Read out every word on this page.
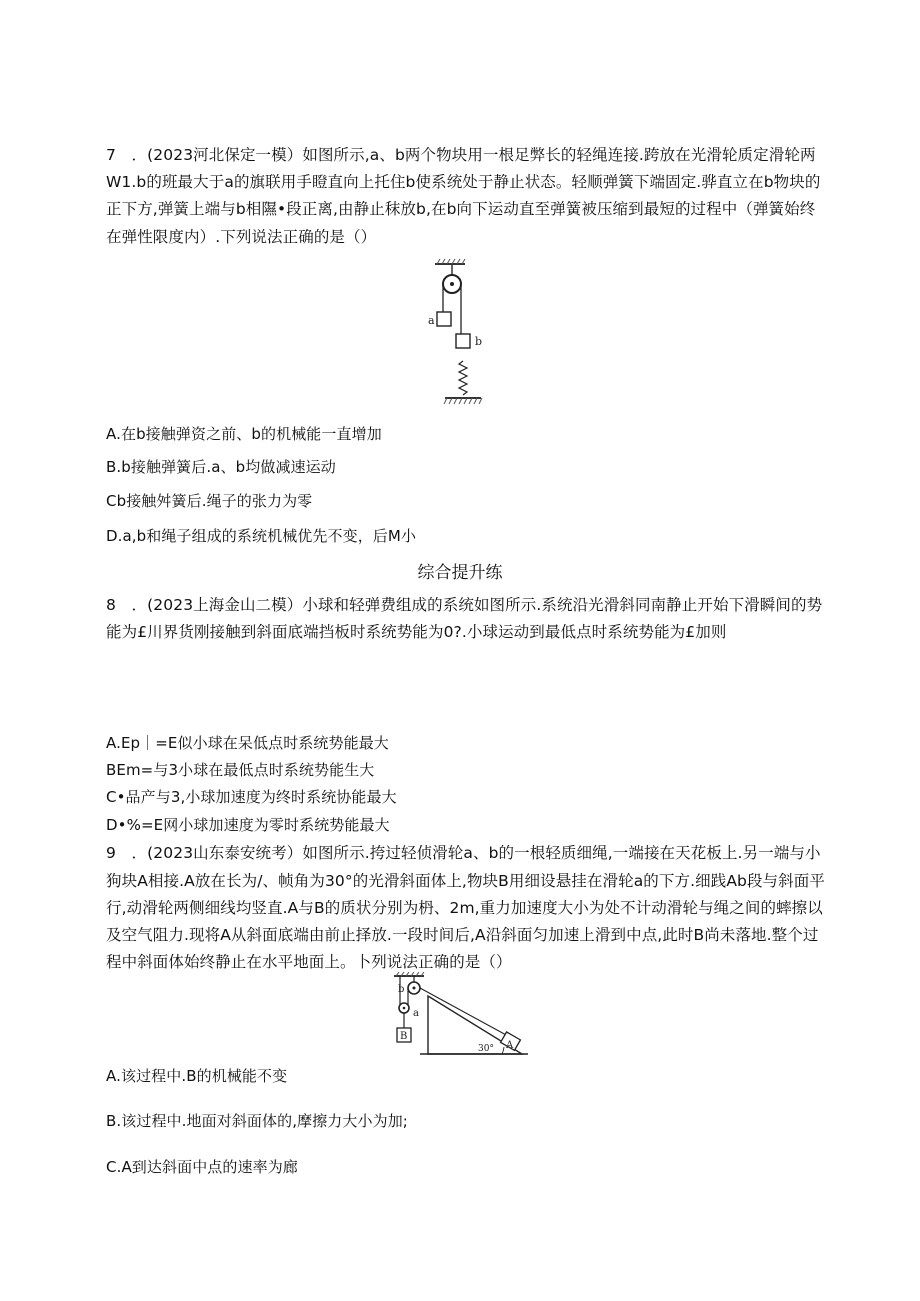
7　．(2023河北保定一模）如图所示,a、b两个物块用一根足弊长的轻绳连接.跨放在光滑轮质定滑轮两
W1.b的班最大于a的旗联用手瞪直向上托住b使系统处于静止状态。轻顺弹簧下端固定.骅直立在b物块的
正下方,弹簧上端与b相隰•段正离,由静止秣放b,在b向下运动直至弹簧被压缩到最短的过程中（弹簧始终
在弹性限度内）.下列说法正确的是（）
a
b
A.在b接触弹资之前、b的机械能一直增加
B.b接触弹簧后.a、b均做减速运动
Cb接触舛簧后.绳子的张力为零
D.a,b和绳子组成的系统机械优先不变，后M小
综合提升练
8　．(2023上海金山二模）小球和轻弹费组成的系统如图所示.系统沿光滑斜同南静止开始下滑瞬间的势
能为£川界货刚接触到斜面底端挡板时系统势能为0?.小球运动到最低点时系统势能为£加则
A.Ep｜=E似小球在呆低点时系统势能最大
BEm=与3小球在最低点时系统势能生大
C•品产与3,小球加速度为终时系统协能最大
D•%=E网小球加速度为零时系统势能最大
9　．(2023山东泰安统考）如图所示.挎过轻侦滑轮a、b的一根轻质细绳,一端接在天花板上.另一端与小
狗块A相接.A放在长为/、帧角为30°的光滑斜面体上,物块B用细设悬挂在滑轮a的下方.细践Ab段与斜面平
行,动滑轮两侧细线均竖直.A与B的质状分别为枬、2m,重力加速度大小为处不计动滑轮与绳之间的蟀擦以
及空气阻力.现将A从斜面底端由前止择放.一段时间后,A沿斜面匀加速上滑到中点,此时B尚未落地.整个过
程中斜面体始终静止在水平地面上。卜列说法正确的是（）
b
a
B
A
30°
A.该过程中.B的机械能不变
B.该过程中.地面对斜面体的,摩擦力大小为加;
C.A到达斜面中点的速率为廊
